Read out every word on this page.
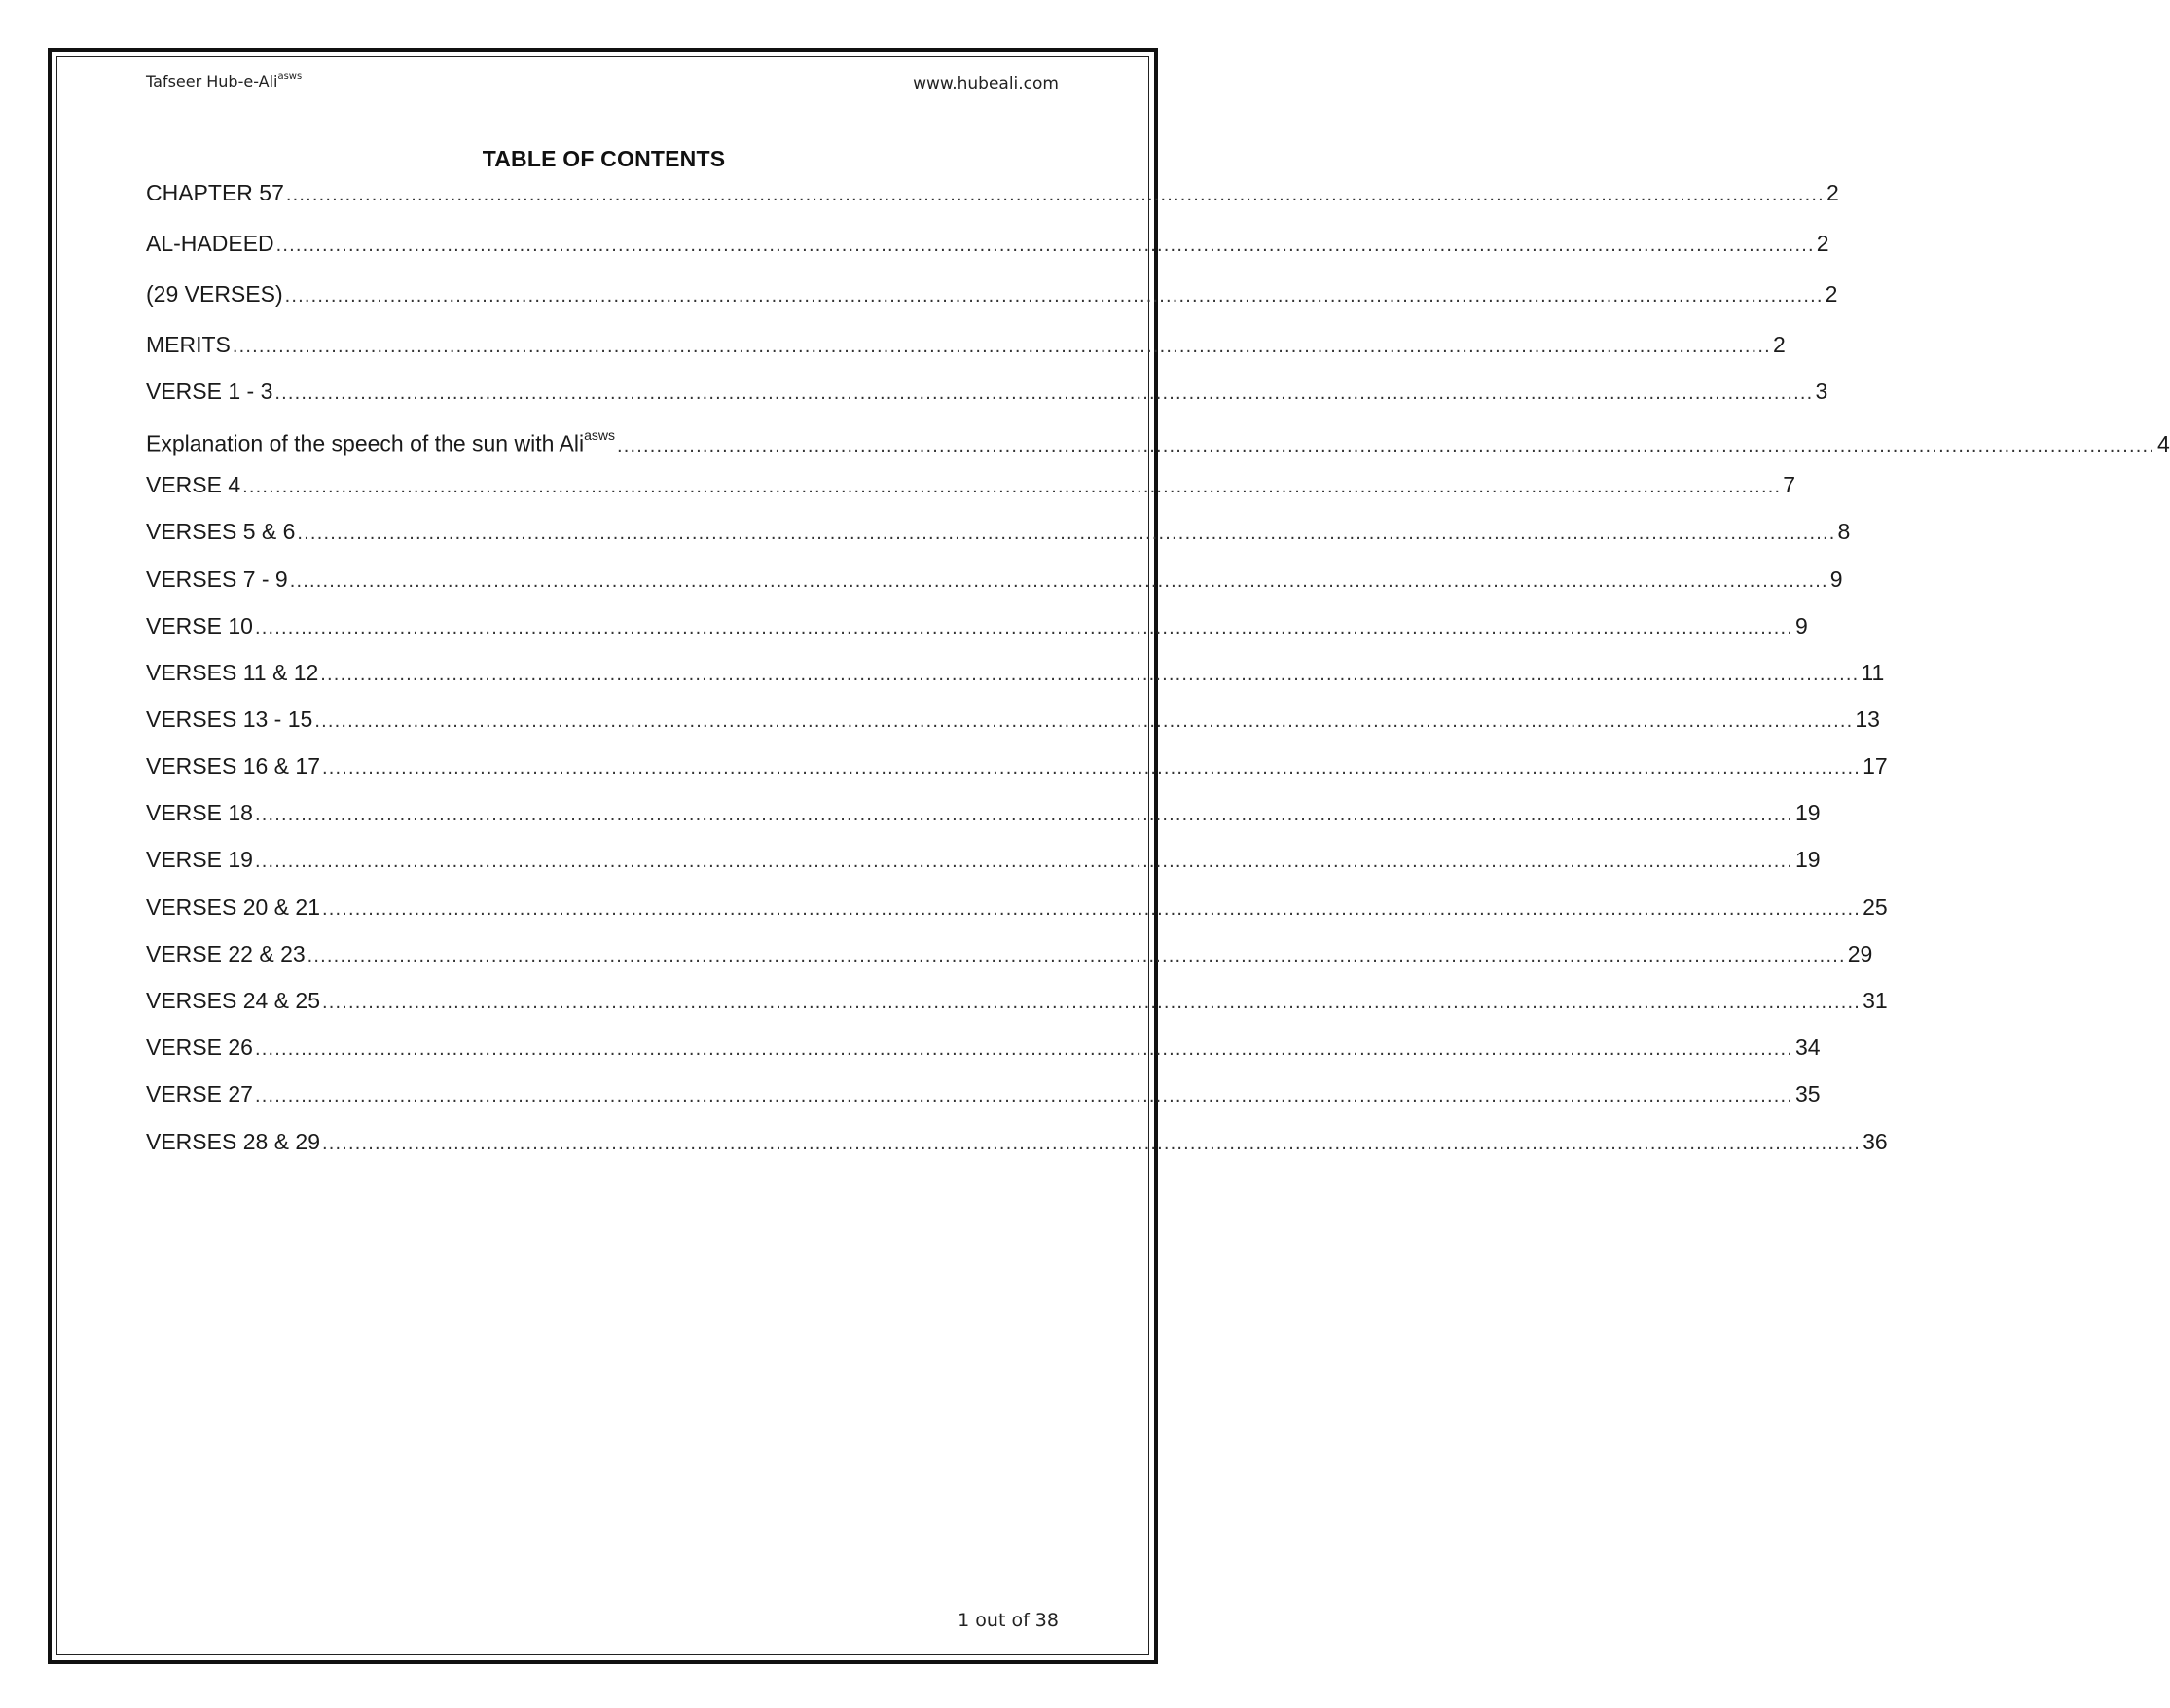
Tafseer Hub-e-Ali$^{asws}$	www.hubeali.com
TABLE OF CONTENTS
CHAPTER 57 .......................................................................................................................................................................................................................................... 2
AL-HADEED .......................................................................................................................................................................................................................................... 2
(29 VERSES) .......................................................................................................................................................................................................................................... 2
MERITS .......................................................................................................................................................................................................................................... 2
VERSE 1 - 3 .......................................................................................................................................................................................................................................... 3
Explanation of the speech of the sun with Ali$^{asws}$ .......................................................................................................................................................................................................................................... 4
VERSE 4 .......................................................................................................................................................................................................................................... 7
VERSES 5 & 6 .......................................................................................................................................................................................................................................... 8
VERSES 7 - 9 .......................................................................................................................................................................................................................................... 9
VERSE 10 .......................................................................................................................................................................................................................................... 9
VERSES 11 & 12 .......................................................................................................................................................................................................................................... 11
VERSES 13 - 15 .......................................................................................................................................................................................................................................... 13
VERSES 16 & 17 .......................................................................................................................................................................................................................................... 17
VERSE 18 .......................................................................................................................................................................................................................................... 19
VERSE 19 .......................................................................................................................................................................................................................................... 19
VERSES 20 & 21 .......................................................................................................................................................................................................................................... 25
VERSE 22 & 23 .......................................................................................................................................................................................................................................... 29
VERSES 24 & 25 .......................................................................................................................................................................................................................................... 31
VERSE 26 .......................................................................................................................................................................................................................................... 34
VERSE 27 .......................................................................................................................................................................................................................................... 35
VERSES 28 & 29 .......................................................................................................................................................................................................................................... 36
1 out of 38
